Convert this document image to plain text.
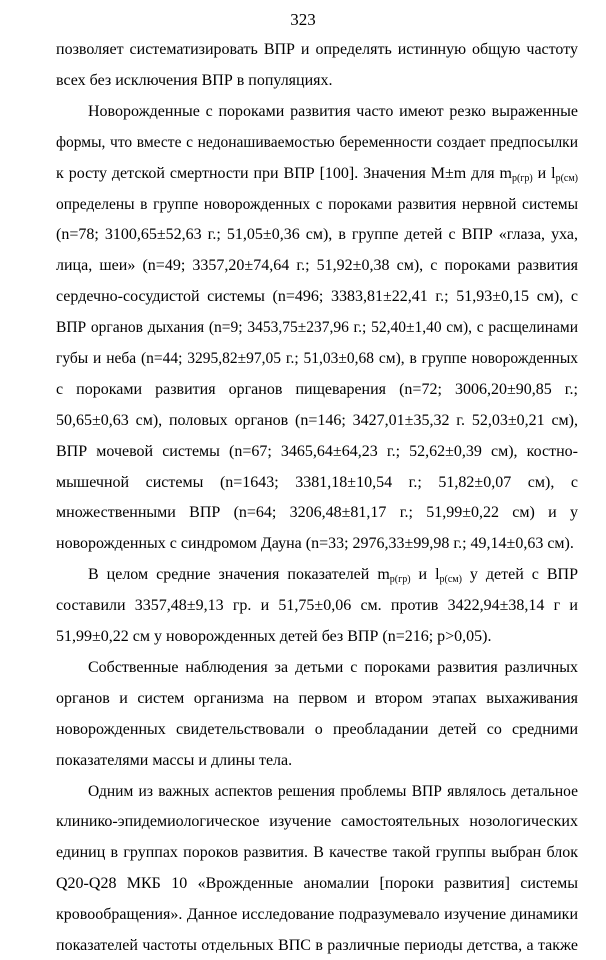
323
позволяет систематизировать ВПР и определять истинную общую частоту
всех без исключения ВПР в популяциях.
Новорожденные с пороками развития часто имеют резко выраженные
формы, что вместе с недонашиваемостью беременности создает предпосылки
к росту детской смертности при ВПР [100]. Значения M±m для $m_{р(гр)}$ и $l_{р(см)}$
определены в группе новорожденных с пороками развития нервной системы
(n=78; 3100,65±52,63 г.; 51,05±0,36 см), в группе детей с ВПР «глаза, уха,
лица, шеи» (n=49; 3357,20±74,64 г.; 51,92±0,38 см), с пороками развития
сердечно-сосудистой системы (n=496; 3383,81±22,41 г.; 51,93±0,15 см), с
ВПР органов дыхания (n=9; 3453,75±237,96 г.; 52,40±1,40 см), с расщелинами
губы и неба (n=44; 3295,82±97,05 г.; 51,03±0,68 см), в группе новорожденных
с пороками развития органов пищеварения (n=72; 3006,20±90,85 г.;
50,65±0,63 см), половых органов (n=146; 3427,01±35,32 г. 52,03±0,21 см),
ВПР мочевой системы (n=67; 3465,64±64,23 г.; 52,62±0,39 см), костно-
мышечной системы (n=1643; 3381,18±10,54 г.; 51,82±0,07 см), с
множественными ВПР (n=64; 3206,48±81,17 г.; 51,99±0,22 см) и у
новорожденных с синдромом Дауна (n=33; 2976,33±99,98 г.; 49,14±0,63 см).
В целом средние значения показателей $m_{р(гр)}$ и $l_{р(см)}$ у детей с ВПР
составили 3357,48±9,13 гр. и 51,75±0,06 см. против 3422,94±38,14 г и
51,99±0,22 см у новорожденных детей без ВПР (n=216; p>0,05).
Собственные наблюдения за детьми с пороками развития различных
органов и систем организма на первом и втором этапах выхаживания
новорожденных свидетельствовали о преобладании детей со средними
показателями массы и длины тела.
Одним из важных аспектов решения проблемы ВПР являлось детальное
клинико-эпидемиологическое изучение самостоятельных нозологических
единиц в группах пороков развития. В качестве такой группы выбран блок
Q20-Q28 МКБ 10 «Врожденные аномалии [пороки развития] системы
кровообращения». Данное исследование подразумевало изучение динамики
показателей частоты отдельных ВПС в различные периоды детства, а также
